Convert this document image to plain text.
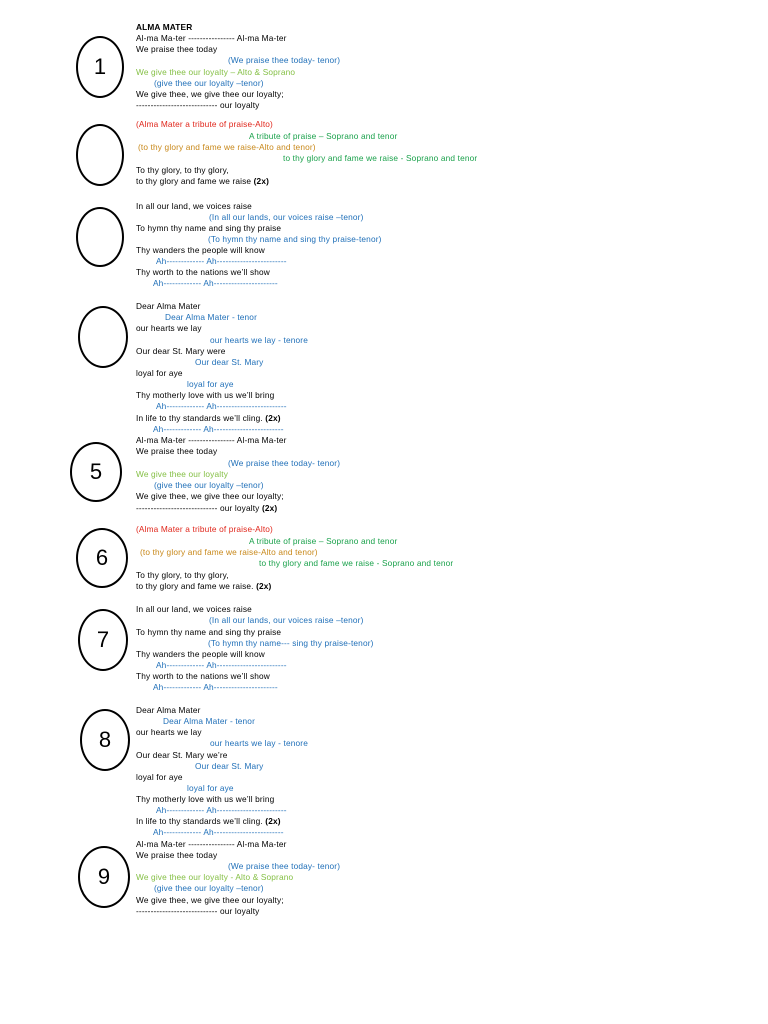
1
5
6
7
8
9
ALMA MATER
Al-ma Ma-ter ---------------- Al-ma Ma-ter
We praise thee today
(We praise thee today- tenor)
We give thee our loyalty – Alto & Soprano
(give thee our loyalty –tenor)
We give thee, we give thee our loyalty;
---------------------------- our loyalty
(Alma Mater a tribute of praise-Alto)
A tribute of praise – Soprano and tenor
(to thy glory and fame we raise-Alto and tenor)
to thy glory and fame we raise - Soprano and tenor
To thy glory, to thy glory,
to thy glory and fame we raise (2x)
In all our land, we voices raise
(In all our lands, our voices raise –tenor)
To hymn thy name and sing thy praise
(To hymn thy name and sing thy praise-tenor)
Thy wanders the people will know
Ah------------- Ah------------------------
Thy worth to the nations we’ll show
Ah------------- Ah----------------------
Dear Alma Mater
Dear Alma Mater - tenor
our hearts we lay
our hearts we lay - tenore
Our dear St. Mary were
Our dear St. Mary
loyal for aye
loyal for aye
Thy motherly love with us we’ll bring
Ah------------- Ah------------------------
In life to thy standards we’ll cling. (2x)
Ah------------- Ah------------------------
Al-ma Ma-ter ---------------- Al-ma Ma-ter
We praise thee today
(We praise thee today- tenor)
We give thee our loyalty
(give thee our loyalty –tenor)
We give thee, we give thee our loyalty;
---------------------------- our loyalty (2x)
(Alma Mater a tribute of praise-Alto)
A tribute of praise – Soprano and tenor
(to thy glory and fame we raise-Alto and tenor)
to thy glory and fame we raise - Soprano and tenor
To thy glory, to thy glory,
to thy glory and fame we raise. (2x)
In all our land, we voices raise
(In all our lands, our voices raise –tenor)
To hymn thy name and sing thy praise
(To hymn thy name--- sing thy praise-tenor)
Thy wanders the people will know
Ah------------- Ah------------------------
Thy worth to the nations we’ll show
Ah------------- Ah----------------------
Dear Alma Mater
Dear Alma Mater - tenor
our hearts we lay
our hearts we lay - tenore
Our dear St. Mary we’re
Our dear St. Mary
loyal for aye
loyal for aye
Thy motherly love with us we’ll bring
Ah------------- Ah------------------------
In life to thy standards we’ll cling. (2x)
Ah------------- Ah------------------------
Al-ma Ma-ter ---------------- Al-ma Ma-ter
We praise thee today
(We praise thee today- tenor)
We give thee our loyalty - Alto & Soprano
(give thee our loyalty –tenor)
We give thee, we give thee our loyalty;
---------------------------- our loyalty
